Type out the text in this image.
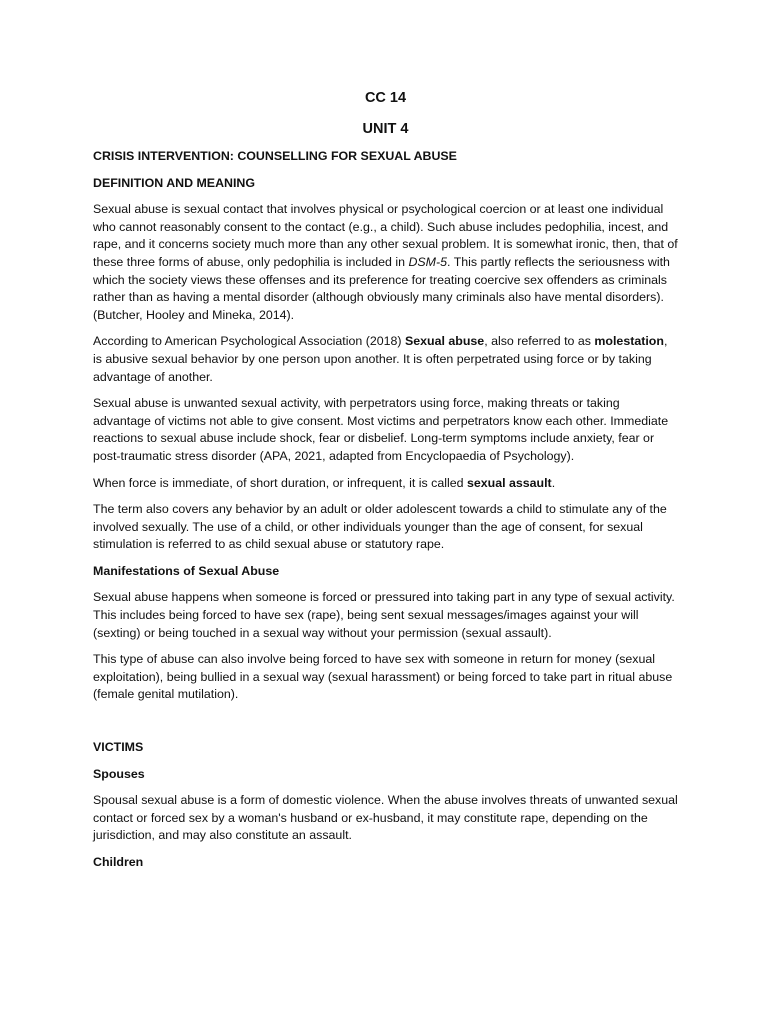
CC 14
UNIT 4
CRISIS INTERVENTION: COUNSELLING FOR SEXUAL ABUSE
DEFINITION AND MEANING

Sexual abuse is sexual contact that involves physical or psychological coercion or at least one individual who cannot reasonably consent to the contact (e.g., a child). Such abuse includes pedophilia, incest, and rape, and it concerns society much more than any other sexual problem. It is somewhat ironic, then, that of these three forms of abuse, only pedophilia is included in DSM-5. This partly reflects the seriousness with which the society views these offenses and its preference for treating coercive sex offenders as criminals rather than as having a mental disorder (although obviously many criminals also have mental disorders). (Butcher, Hooley and Mineka, 2014).

According to American Psychological Association (2018) Sexual abuse, also referred to as molestation, is abusive sexual behavior by one person upon another. It is often perpetrated using force or by taking advantage of another.

Sexual abuse is unwanted sexual activity, with perpetrators using force, making threats or taking advantage of victims not able to give consent. Most victims and perpetrators know each other. Immediate reactions to sexual abuse include shock, fear or disbelief. Long-term symptoms include anxiety, fear or post-traumatic stress disorder (APA, 2021, adapted from Encyclopaedia of Psychology).

When force is immediate, of short duration, or infrequent, it is called sexual assault.

The term also covers any behavior by an adult or older adolescent towards a child to stimulate any of the involved sexually. The use of a child, or other individuals younger than the age of consent, for sexual stimulation is referred to as child sexual abuse or statutory rape.

Manifestations of Sexual Abuse

Sexual abuse happens when someone is forced or pressured into taking part in any type of sexual activity. This includes being forced to have sex (rape), being sent sexual messages/images against your will (sexting) or being touched in a sexual way without your permission (sexual assault).

This type of abuse can also involve being forced to have sex with someone in return for money (sexual exploitation), being bullied in a sexual way (sexual harassment) or being forced to take part in ritual abuse (female genital mutilation).

VICTIMS
Spouses

Spousal sexual abuse is a form of domestic violence. When the abuse involves threats of unwanted sexual contact or forced sex by a woman's husband or ex-husband, it may constitute rape, depending on the jurisdiction, and may also constitute an assault.

Children
